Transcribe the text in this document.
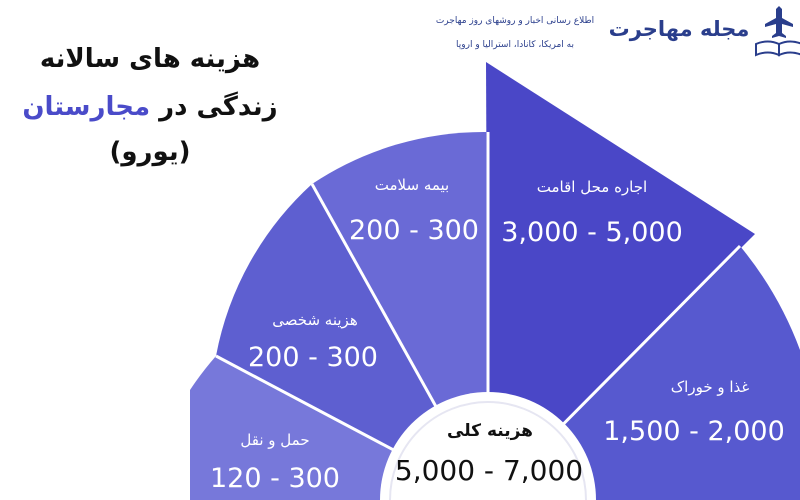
حمل و نقل
120 - 300
هزینه شخصی
200 - 300
بیمه سلامت
200 - 300
اجاره محل اقامت
3,000 - 5,000
غذا و خوراک
1,500 - 2,000
هزینه کلی
5,000 - 7,000
هزینه های سالانه
زندگی در مجارستان
(یورو)
اطلاع رسانی اخبار و روشهای روز مهاجرت
به امریکا، کانادا، استرالیا و اروپا
مجله مهاجرت
